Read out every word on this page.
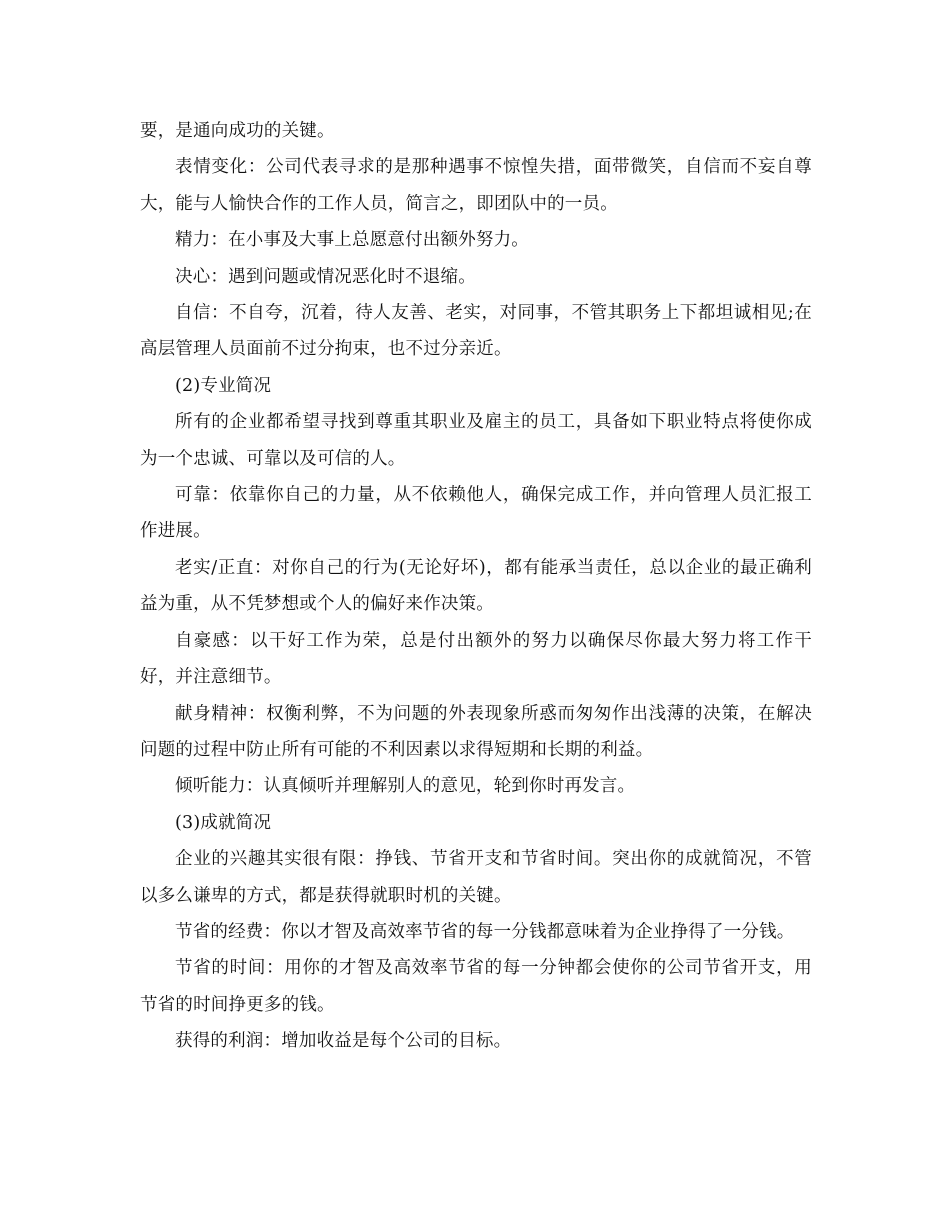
要，是通向成功的关键。

表情变化：公司代表寻求的是那种遇事不惊惶失措，面带微笑，自信而不妄自尊大，能与人愉快合作的工作人员，简言之，即团队中的一员。

精力：在小事及大事上总愿意付出额外努力。

决心：遇到问题或情况恶化时不退缩。

自信：不自夸，沉着，待人友善、老实，对同事，不管其职务上下都坦诚相见;在高层管理人员面前不过分拘束，也不过分亲近。

(2)专业简况

所有的企业都希望寻找到尊重其职业及雇主的员工，具备如下职业特点将使你成为一个忠诚、可靠以及可信的人。

可靠：依靠你自己的力量，从不依赖他人，确保完成工作，并向管理人员汇报工作进展。

老实/正直：对你自己的行为(无论好坏)，都有能承当责任，总以企业的最正确利益为重，从不凭梦想或个人的偏好来作决策。

自豪感：以干好工作为荣，总是付出额外的努力以确保尽你最大努力将工作干好，并注意细节。

献身精神：权衡利弊，不为问题的外表现象所惑而匆匆作出浅薄的决策，在解决问题的过程中防止所有可能的不利因素以求得短期和长期的利益。

倾听能力：认真倾听并理解别人的意见，轮到你时再发言。

(3)成就简况

企业的兴趣其实很有限：挣钱、节省开支和节省时间。突出你的成就简况，不管以多么谦卑的方式，都是获得就职时机的关键。

节省的经费：你以才智及高效率节省的每一分钱都意味着为企业挣得了一分钱。

节省的时间：用你的才智及高效率节省的每一分钟都会使你的公司节省开支，用节省的时间挣更多的钱。

获得的利润：增加收益是每个公司的目标。
